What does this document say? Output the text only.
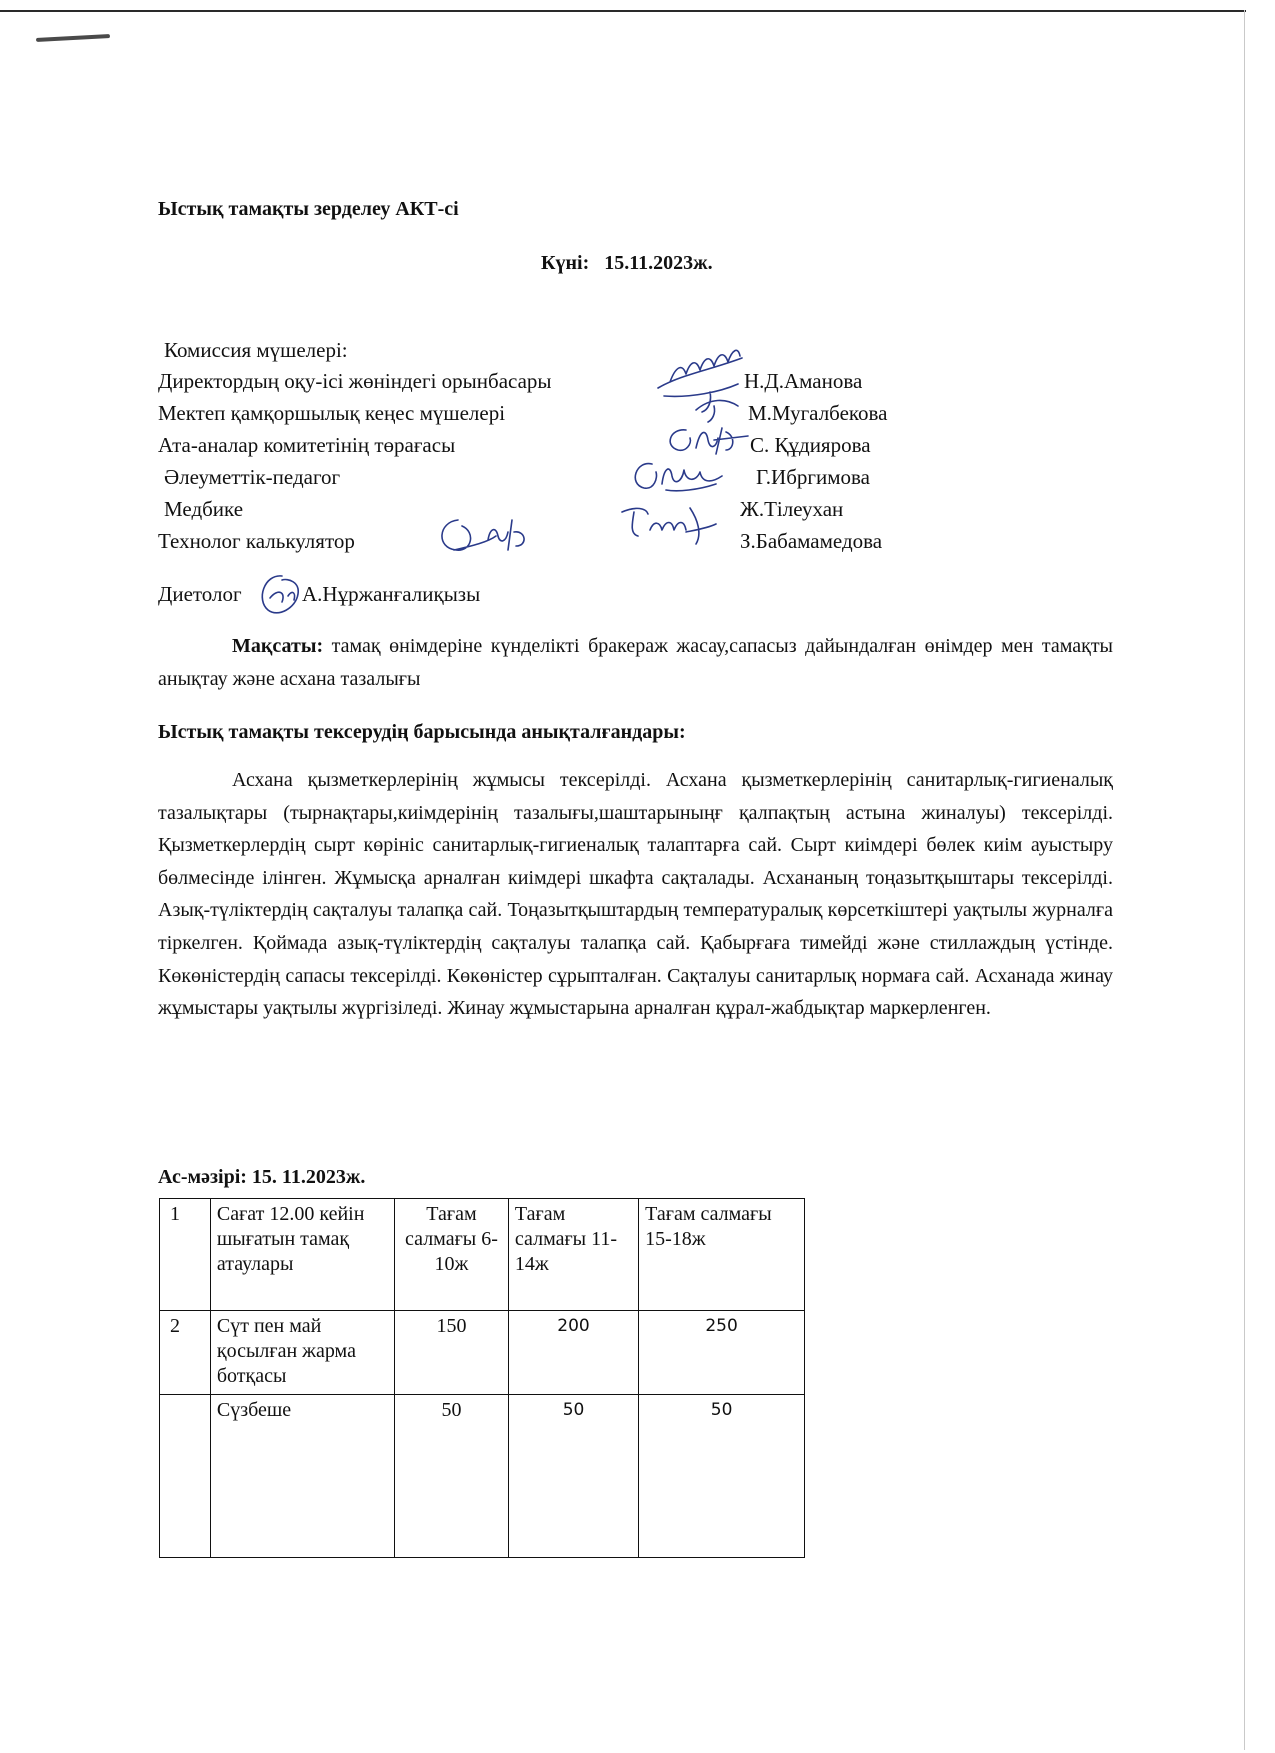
Ыстық тамақты зерделеу АКТ-сі
Күні: 15.11.2023ж.
Комиссия мүшелері:
Директордың оқу-ісі жөніндегі орынбасары	Н.Д.Аманова
Мектеп қамқоршылық кеңес мүшелері	М.Мугалбекова
Ата-аналар комитетінің төрағасы	С. Құдиярова
Әлеуметтік-педагог	Г.Ибргимова
Медбике	Ж.Тілеухан
Технолог калькулятор	З.Бабамамедова
Диетолог	А.Нұржанғалиқызы

Мақсаты: тамақ өнімдеріне күнделікті бракераж жасау,сапасыз дайындалған өнімдер мен тамақты анықтау және асхана тазалығы

Ыстық тамақты тексерудің барысында анықталғандары:

Асхана қызметкерлерінің жұмысы тексерілді. Асхана қызметкерлерінің санитарлық-гигиеналық тазалықтары (тырнақтары,киімдерінің тазалығы,шаштарыныңғ қалпақтың астына жиналуы) тексерілді. Қызметкерлердің сырт көрініс санитарлық-гигиеналық талаптарға сай. Сырт киімдері бөлек киім ауыстыру бөлмесінде ілінген. Жұмысқа арналған киімдері шкафта сақталады. Асхананың тоңазытқыштары тексерілді. Азық-түліктердің сақталуы талапқа сай. Тоңазытқыштардың температуралық көрсеткіштері уақтылы журналға тіркелген. Қоймада азық-түліктердің сақталуы талапқа сай. Қабырғаға тимейді және стиллаждың үстінде. Көкөністердің сапасы тексерілді. Көкөністер сұрыпталған. Сақталуы санитарлық нормаға сай. Асханада жинау жұмыстары уақтылы жүргізіледі. Жинау жұмыстарына арналған құрал-жабдықтар маркерленген.

Ас-мәзірі: 15. 11.2023ж.
1	Сағат 12.00 кейін шығатын тамақ атаулары	Тағам салмағы 6-10ж	Тағам салмағы 11-14ж	Тағам салмағы 15-18ж
2	Сүт пен май қосылған жарма ботқасы	150	200	250
	Сүзбеше	50	50	50
